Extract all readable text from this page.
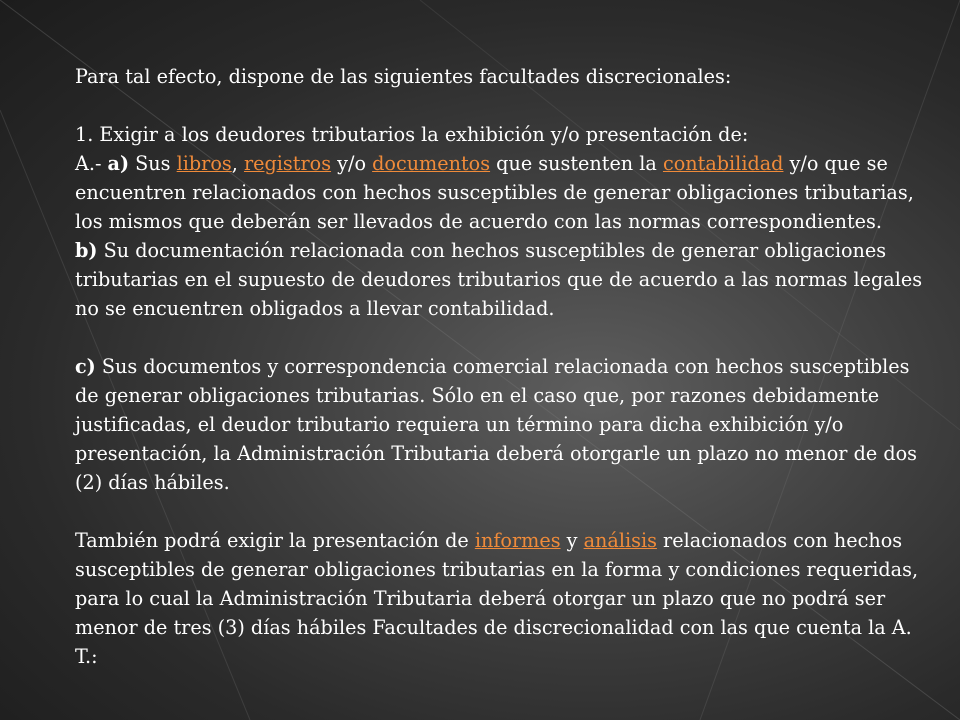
Para tal efecto, dispone de las siguientes facultades discrecionales:

1. Exigir a los deudores tributarios la exhibición y/o presentación de:

A.- a) Sus libros, registros y/o documentos que sustenten la contabilidad y/o que se encuentren relacionados con hechos susceptibles de generar obligaciones tributarias, los mismos que deberán ser llevados de acuerdo con las normas correspondientes.

b) Su documentación relacionada con hechos susceptibles de generar obligaciones tributarias en el supuesto de deudores tributarios que de acuerdo a las normas legales no se encuentren obligados a llevar contabilidad.

c) Sus documentos y correspondencia comercial relacionada con hechos susceptibles de generar obligaciones tributarias. Sólo en el caso que, por razones debidamente justificadas, el deudor tributario requiera un término para dicha exhibición y/o presentación, la Administración Tributaria deberá otorgarle un plazo no menor de dos (2) días hábiles.

También podrá exigir la presentación de informes y análisis relacionados con hechos susceptibles de generar obligaciones tributarias en la forma y condiciones requeridas, para lo cual la Administración Tributaria deberá otorgar un plazo que no podrá ser menor de tres (3) días hábiles Facultades de discrecionalidad con las que cuenta la A. T.:
